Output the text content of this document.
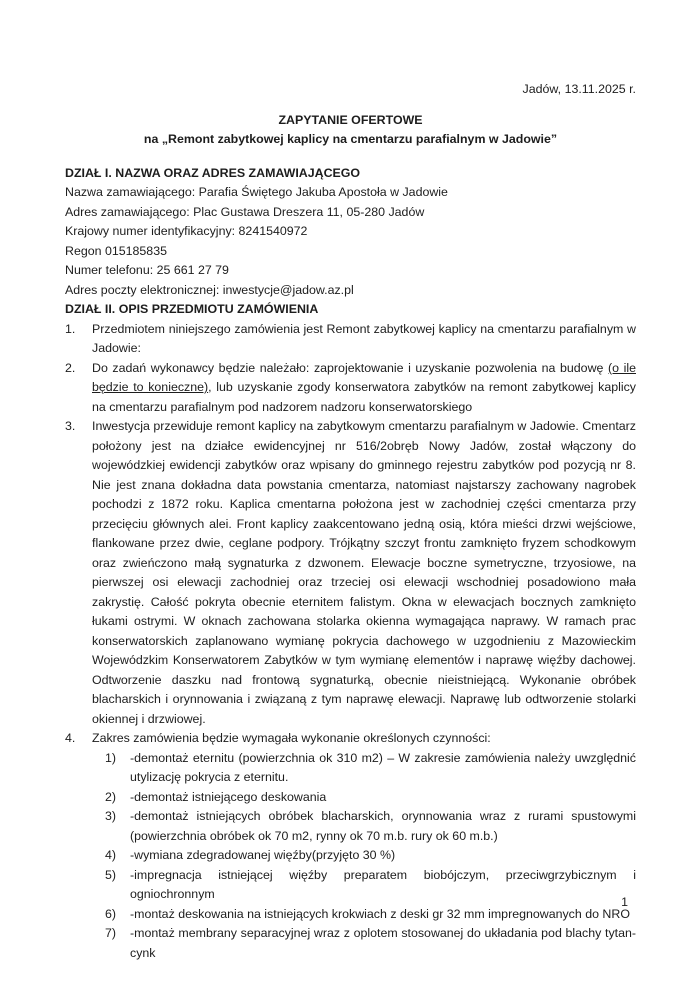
Jadów, 13.11.2025 r.
ZAPYTANIE OFERTOWE
na „Remont zabytkowej kaplicy na cmentarzu parafialnym w Jadowie”
DZIAŁ I. NAZWA ORAZ ADRES ZAMAWIAJĄCEGO
Nazwa zamawiającego: Parafia Świętego Jakuba Apostoła w Jadowie
Adres zamawiającego: Plac Gustawa Dreszera 11, 05-280 Jadów
Krajowy numer identyfikacyjny: 8241540972
Regon 015185835
Numer telefonu: 25 661 27 79
Adres poczty elektronicznej: inwestycje@jadow.az.pl
DZIAŁ II. OPIS PRZEDMIOTU ZAMÓWIENIA
1.	Przedmiotem niniejszego zamówienia jest Remont zabytkowej kaplicy na cmentarzu parafialnym w Jadowie:
2.	Do zadań wykonawcy będzie należało: zaprojektowanie i uzyskanie pozwolenia na budowę (o ile będzie to konieczne), lub uzyskanie zgody konserwatora zabytków na remont zabytkowej kaplicy na cmentarzu parafialnym pod nadzorem nadzoru konserwatorskiego
3.	Inwestycja przewiduje remont kaplicy na zabytkowym cmentarzu parafialnym w Jadowie. Cmentarz położony jest na działce ewidencyjnej nr 516/2obręb Nowy Jadów, został włączony do wojewódzkiej ewidencji zabytków oraz wpisany do gminnego rejestru zabytków pod pozycją nr 8. Nie jest znana dokładna data powstania cmentarza, natomiast najstarszy zachowany nagrobek pochodzi z 1872 roku. Kaplica cmentarna położona jest w zachodniej części cmentarza przy przecięciu głównych alei. Front kaplicy zaakcentowano jedną osią, która mieści drzwi wejściowe, flankowane przez dwie, ceglane podpory. Trójkątny szczyt frontu zamknięto fryzem schodkowym oraz zwieńczono małą sygnaturka z dzwonem. Elewacje boczne symetryczne, trzyosiowe, na pierwszej osi elewacji zachodniej oraz trzeciej osi elewacji wschodniej posadowiono mała zakrystię. Całość pokryta obecnie eternitem falistym. Okna w elewacjach bocznych zamknięto łukami ostrymi. W oknach zachowana stolarka okienna wymagająca naprawy. W ramach prac konserwatorskich zaplanowano wymianę pokrycia dachowego w uzgodnieniu z Mazowieckim Wojewódzkim Konserwatorem Zabytków w tym wymianę elementów i naprawę więźby dachowej. Odtworzenie daszku nad frontową sygnaturką, obecnie nieistniejącą. Wykonanie obróbek blacharskich i orynnowania i związaną z tym naprawę elewacji. Naprawę lub odtworzenie stolarki okiennej i drzwiowej.
4.	Zakres zamówienia będzie wymagała wykonanie określonych czynności:
1)	-demontaż eternitu (powierzchnia ok 310 m2) – W zakresie zamówienia należy uwzględnić utylizację pokrycia z eternitu.
2)	-demontaż istniejącego deskowania
3)	-demontaż istniejących obróbek blacharskich, orynnowania wraz z rurami spustowymi (powierzchnia obróbek ok 70 m2, rynny ok 70 m.b. rury ok 60 m.b.)
4)	-wymiana zdegradowanej więźby(przyjęto 30 %)
5)	-impregnacja istniejącej więźby preparatem biobójczym, przeciwgrzybicznym i ogniochronnym
6)	-montaż deskowania na istniejących krokwiach z deski gr 32 mm impregnowanych do NRO
7)	-montaż membrany separacyjnej wraz z oplotem stosowanej do układania pod blachy tytan-cynk
1
